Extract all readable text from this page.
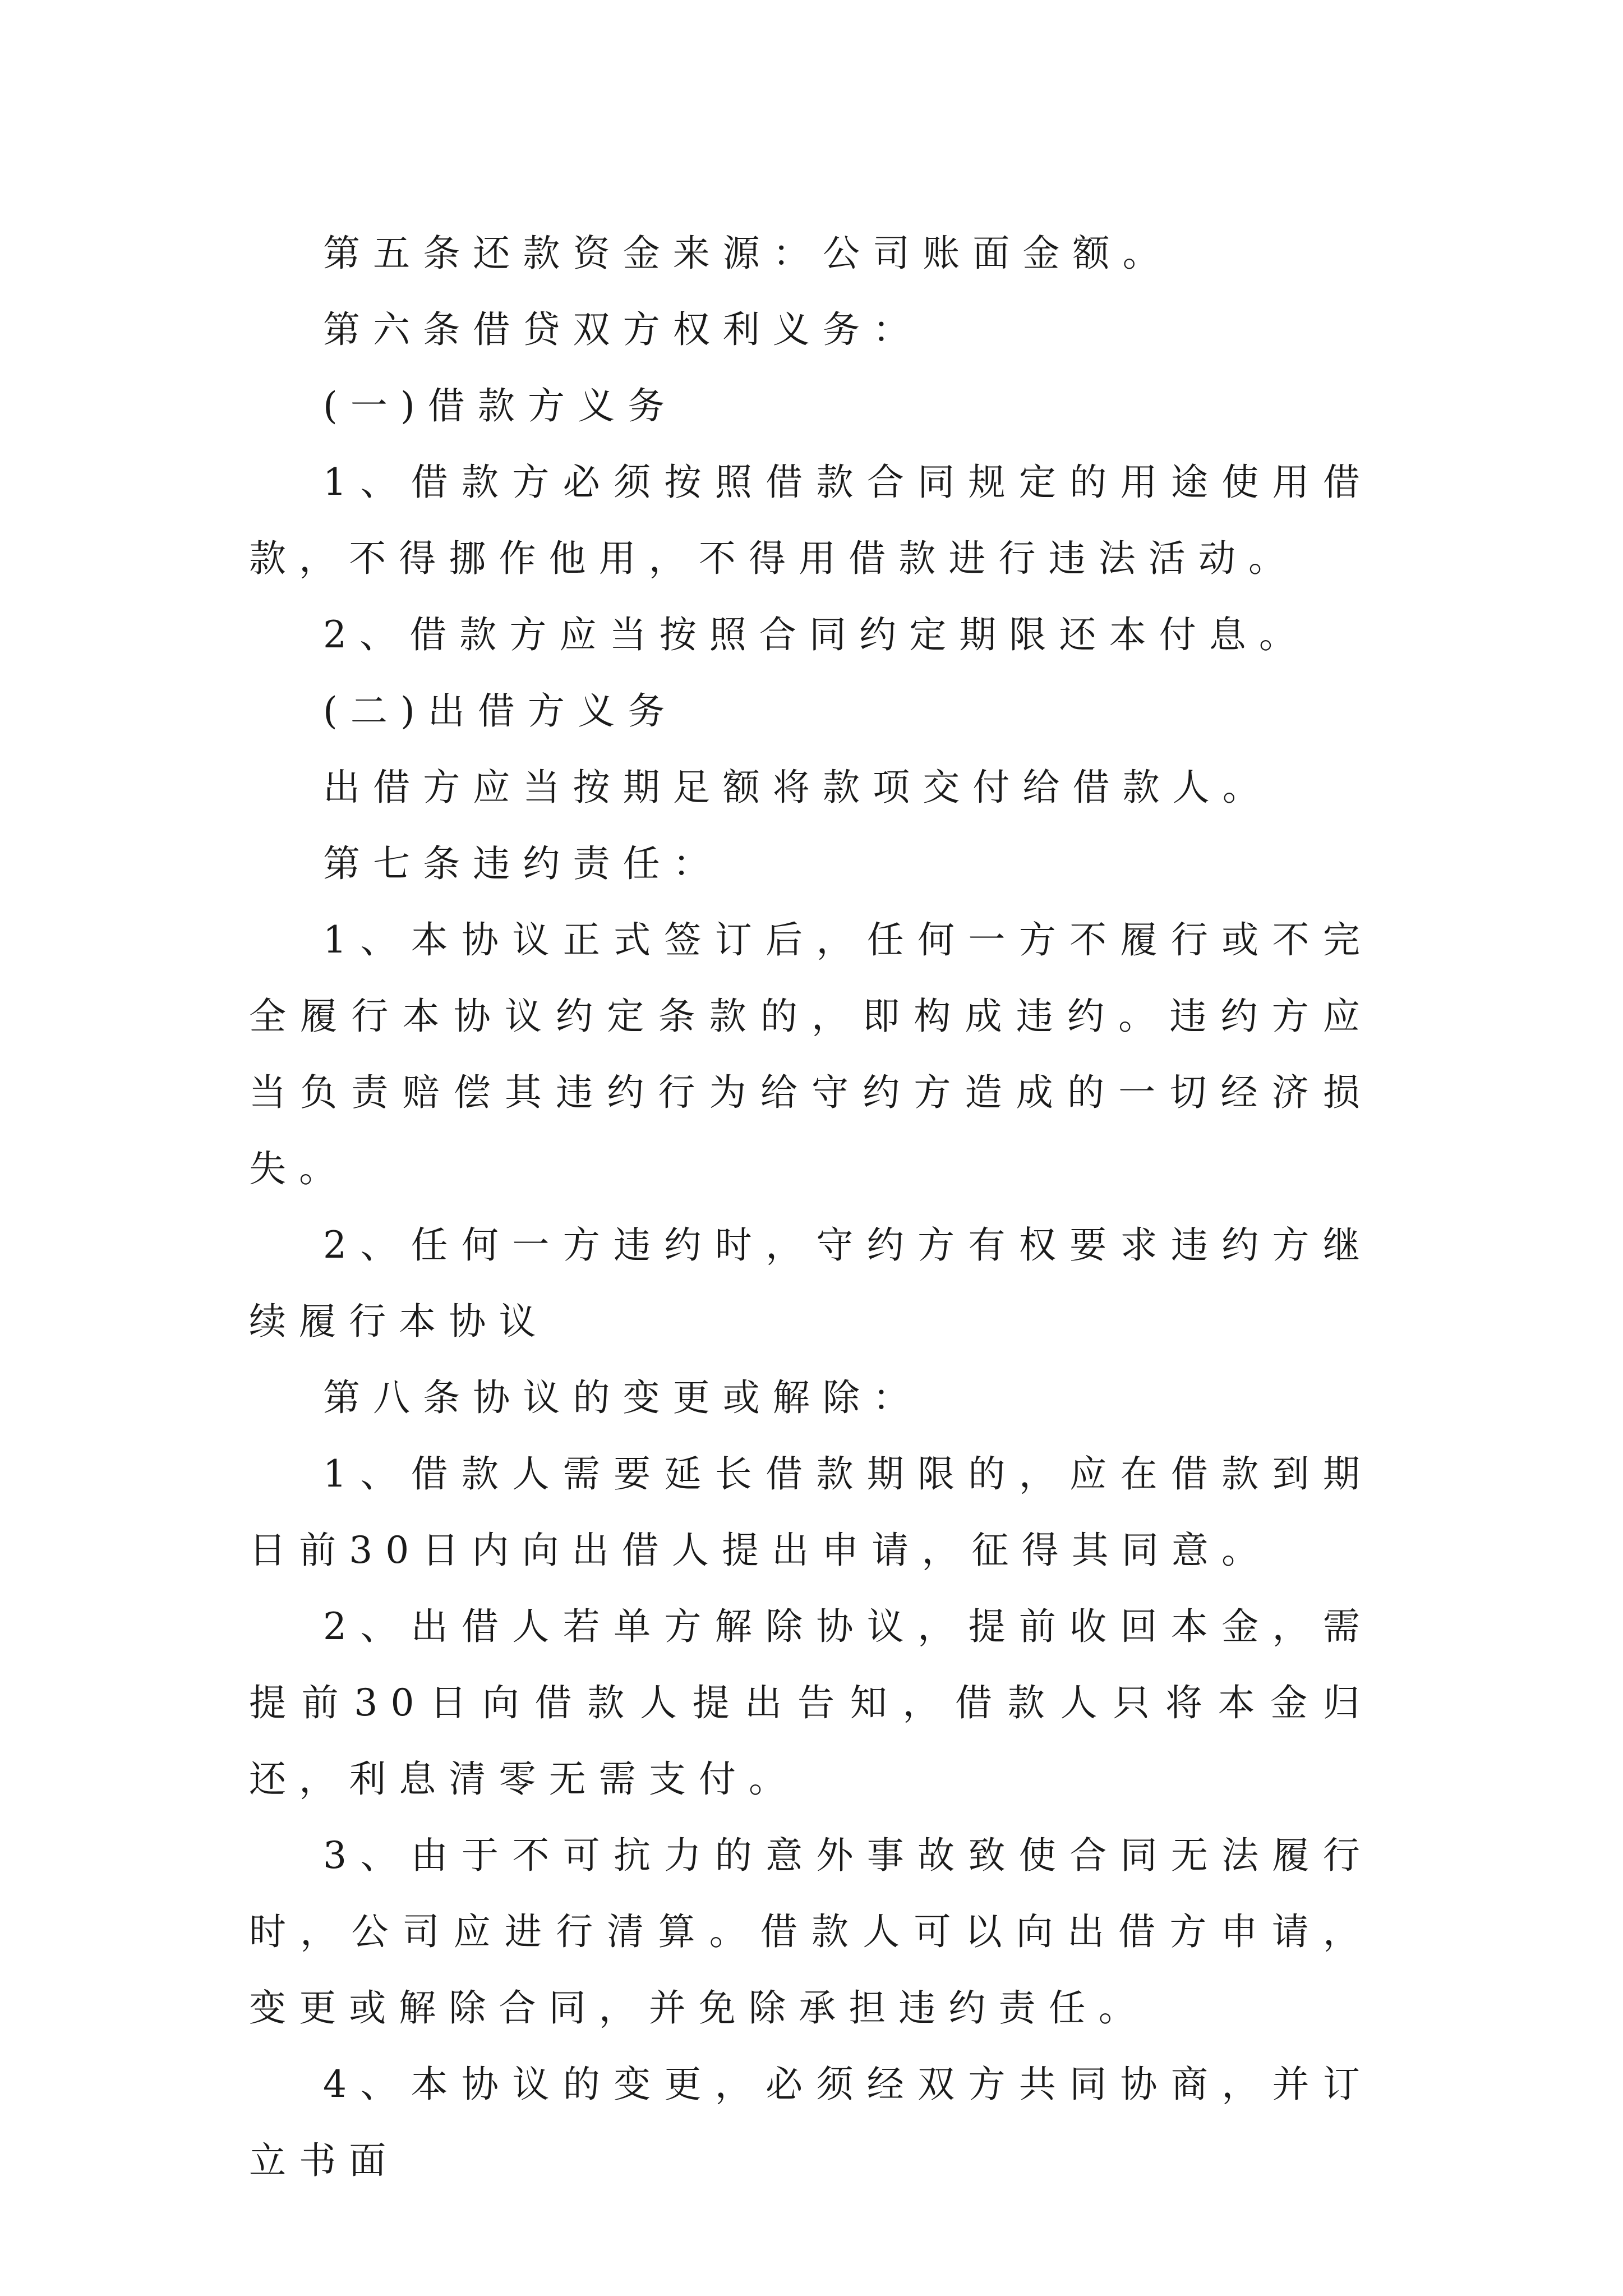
第五条还款资金来源：公司账面金额。

第六条借贷双方权利义务：

(一)借款方义务

1、借款方必须按照借款合同规定的用途使用借款，不得挪作他用，不得用借款进行违法活动。

2、借款方应当按照合同约定期限还本付息。

(二)出借方义务

出借方应当按期足额将款项交付给借款人。

第七条违约责任：

1、本协议正式签订后，任何一方不履行或不完全履行本协议约定条款的，即构成违约。违约方应当负责赔偿其违约行为给守约方造成的一切经济损失。

2、任何一方违约时，守约方有权要求违约方继续履行本协议

第八条协议的变更或解除：

1、借款人需要延长借款期限的，应在借款到期日前30日内向出借人提出申请，征得其同意。

2、出借人若单方解除协议，提前收回本金，需提前30日向借款人提出告知，借款人只将本金归还，利息清零无需支付。

3、由于不可抗力的意外事故致使合同无法履行时，公司应进行清算。借款人可以向出借方申请，变更或解除合同，并免除承担违约责任。

4、本协议的变更，必须经双方共同协商，并订立书面
